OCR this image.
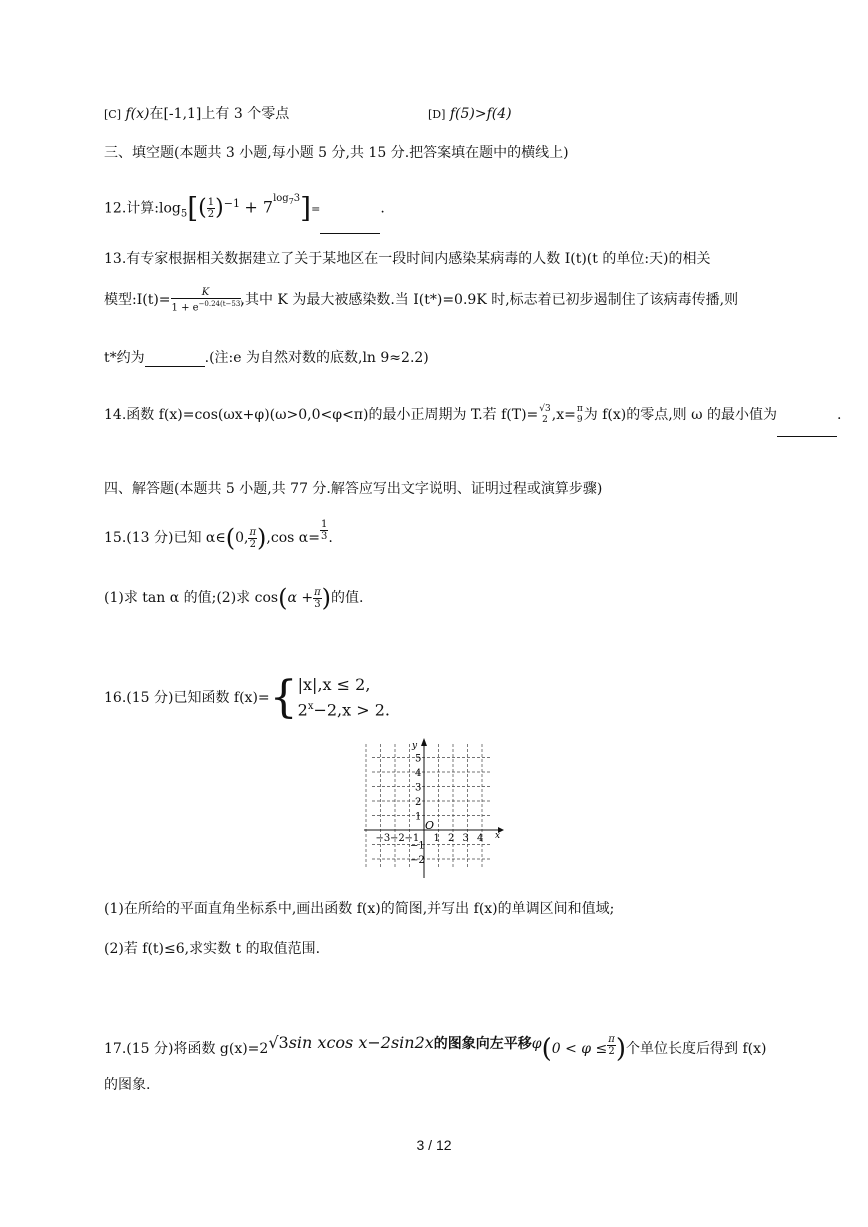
[C] f(x)在[-1,1]上有 3 个零点	[D] f(5)>f(4)
三、填空题(本题共 3 小题,每小题 5 分,共 15 分.把答案填在题中的横线上)
12.计算$:\log_5[( \frac{1}{2} )^{-1} + 7^{log_73}]=$	.
13.有专家根据相关数据建立了关于某地区在一段时间内感染某病毒的人数 I(t)(t 的单位:天)的相关
模型:I(t)= $\frac{K}{1 + e^{-0.24(t-53)}}$ ,其中 K 为最大被感染数.当 I(t*)=0.9K 时,标志着已初步遏制住了该病毒传播,则
t*约为	.(注:e 为自然对数的底数,ln 9≈2.2)
14.函数 f(x)=cos(ωx+φ)(ω>0,0<φ<π)的最小正周期为 T.若 f(T)= √3
2 ,x= π
9 为 f(x)的零点,则 ω 的最小值为	.
四、解答题(本题共 5 小题,共 77 分.解答应写出文字说明、证明过程或演算步骤)
15.(13 分)已知 α∈(0, $\frac{\pi}{2} ),\cos$ $\alpha= \frac{1}{3}$ .
(1)求 tan α 的值;(2)求 $\cos(\alpha + \frac{\pi}{3}$ )的值.
16.(15 分)已知函数 f(x)={ |x|,x ≤ 2,
$2^x-2,x > 2$.
x
y
O
−3 −2 −1 1 2 3 4
5
4
3
2
1
−1
−2
(1)在所给的平面直角坐标系中,画出函数 f(x)的简图,并写出 f(x)的单调区间和值域;
(2)若 f(t)≤6,求实数 t 的取值范围.
17.(15 分)将函数 g(x)=2√3sin xcos x−2sin2x的图象向左平移$\varphi(0 < \varphi \le \frac{\pi}{2}$ )个单位长度后得到 f(x)
的图象.
3 / 12
